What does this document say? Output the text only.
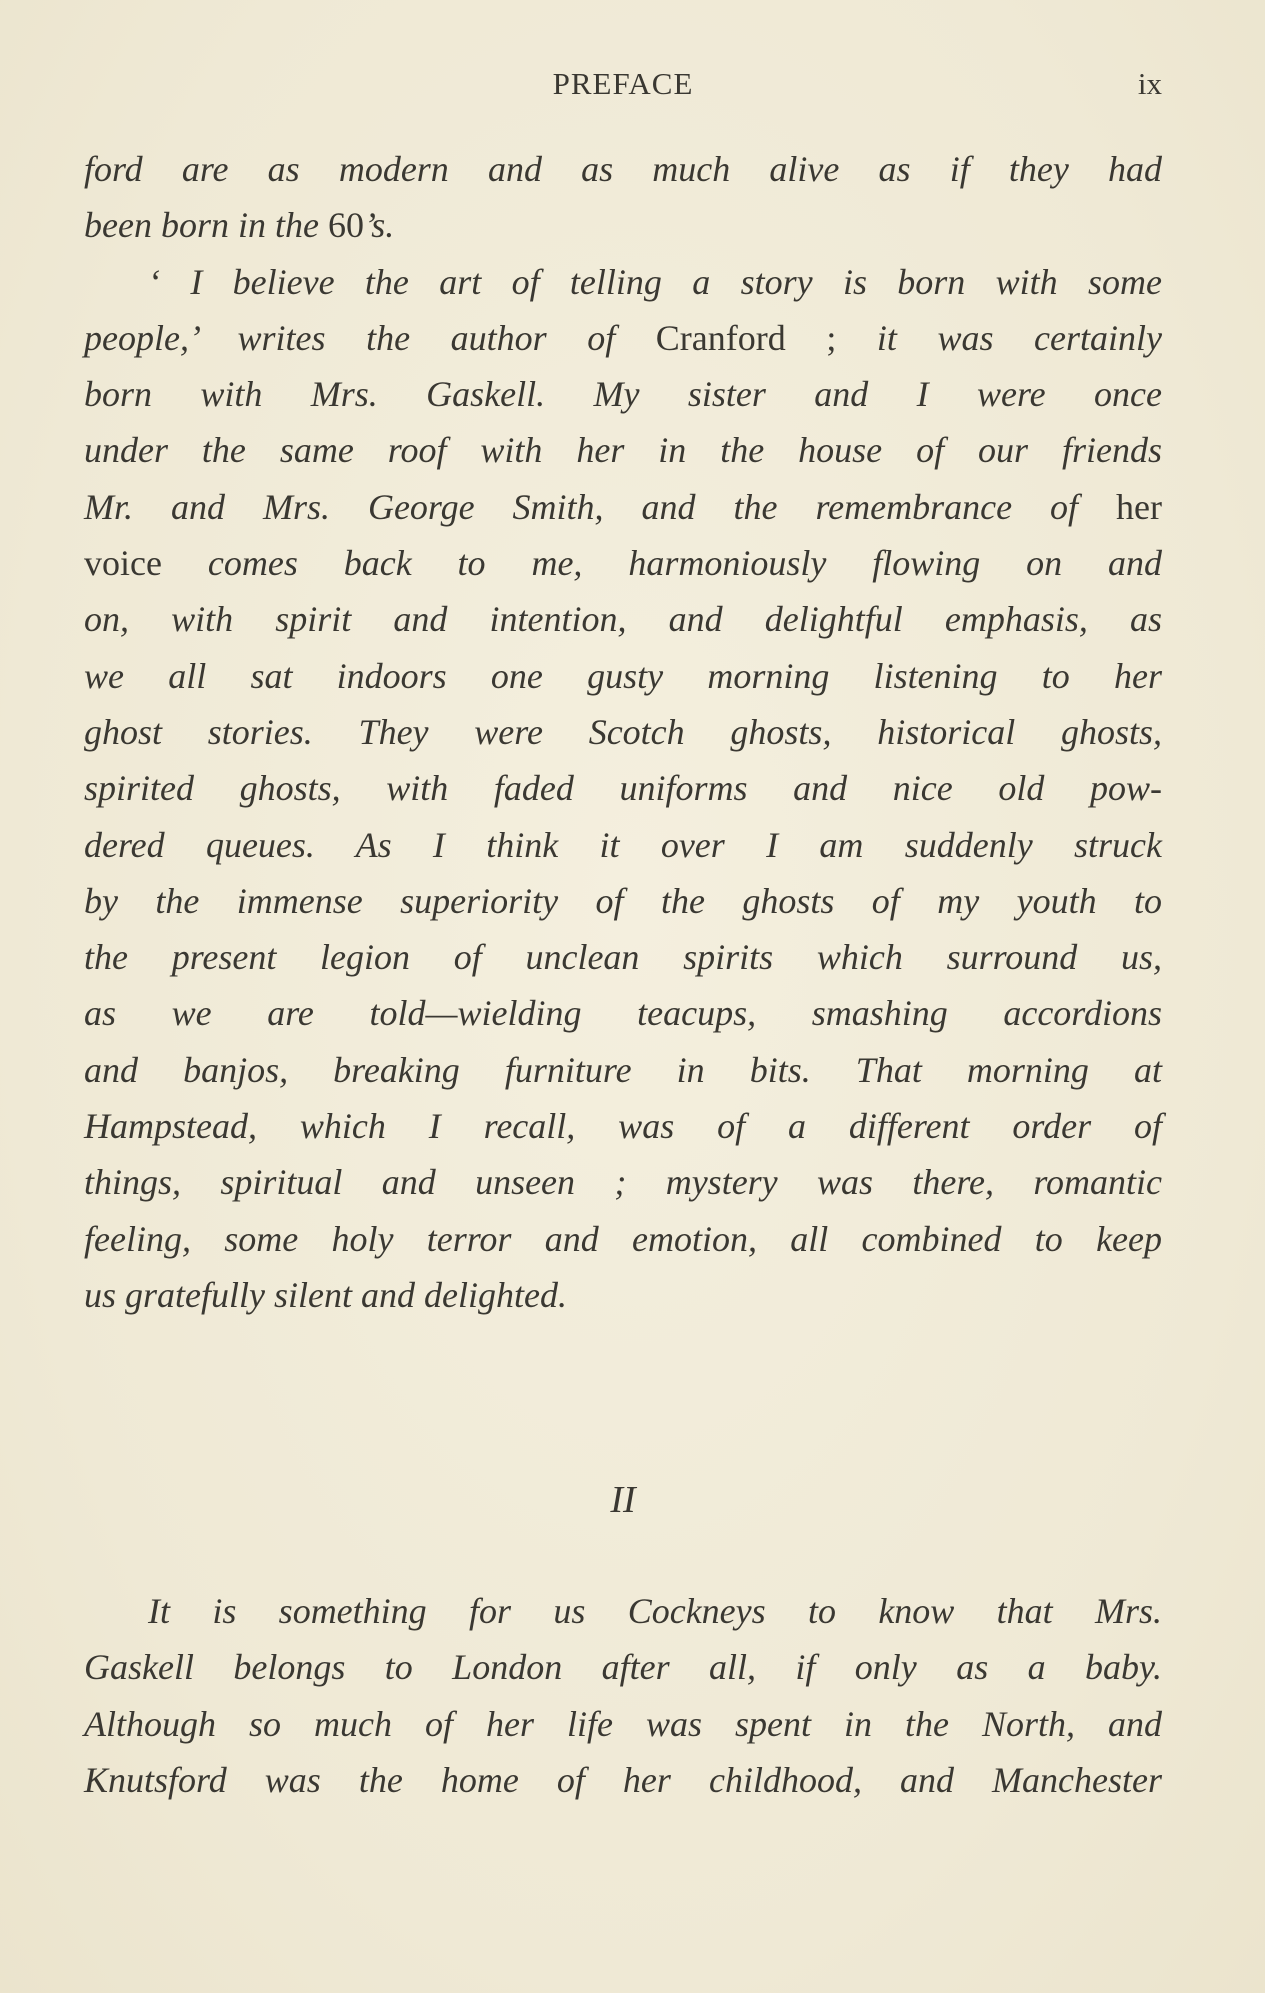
PREFACE	ix
ford are as modern and as much alive as if they had
been born in the 60’s.
‘ I believe the art of telling a story is born with some
people,’ writes the author of Cranford ; it was certainly
born with Mrs. Gaskell. My sister and I were once
under the same roof with her in the house of our friends
Mr. and Mrs. George Smith, and the remembrance of her
voice comes back to me, harmoniously flowing on and
on, with spirit and intention, and delightful emphasis, as
we all sat indoors one gusty morning listening to her
ghost stories. They were Scotch ghosts, historical ghosts,
spirited ghosts, with faded uniforms and nice old pow-
dered queues. As I think it over I am suddenly struck
by the immense superiority of the ghosts of my youth to
the present legion of unclean spirits which surround us,
as we are told—wielding teacups, smashing accordions
and banjos, breaking furniture in bits. That morning at
Hampstead, which I recall, was of a different order of
things, spiritual and unseen ; mystery was there, romantic
feeling, some holy terror and emotion, all combined to keep
us gratefully silent and delighted.
II
It is something for us Cockneys to know that Mrs.
Gaskell belongs to London after all, if only as a baby.
Although so much of her life was spent in the North, and
Knutsford was the home of her childhood, and Manchester
